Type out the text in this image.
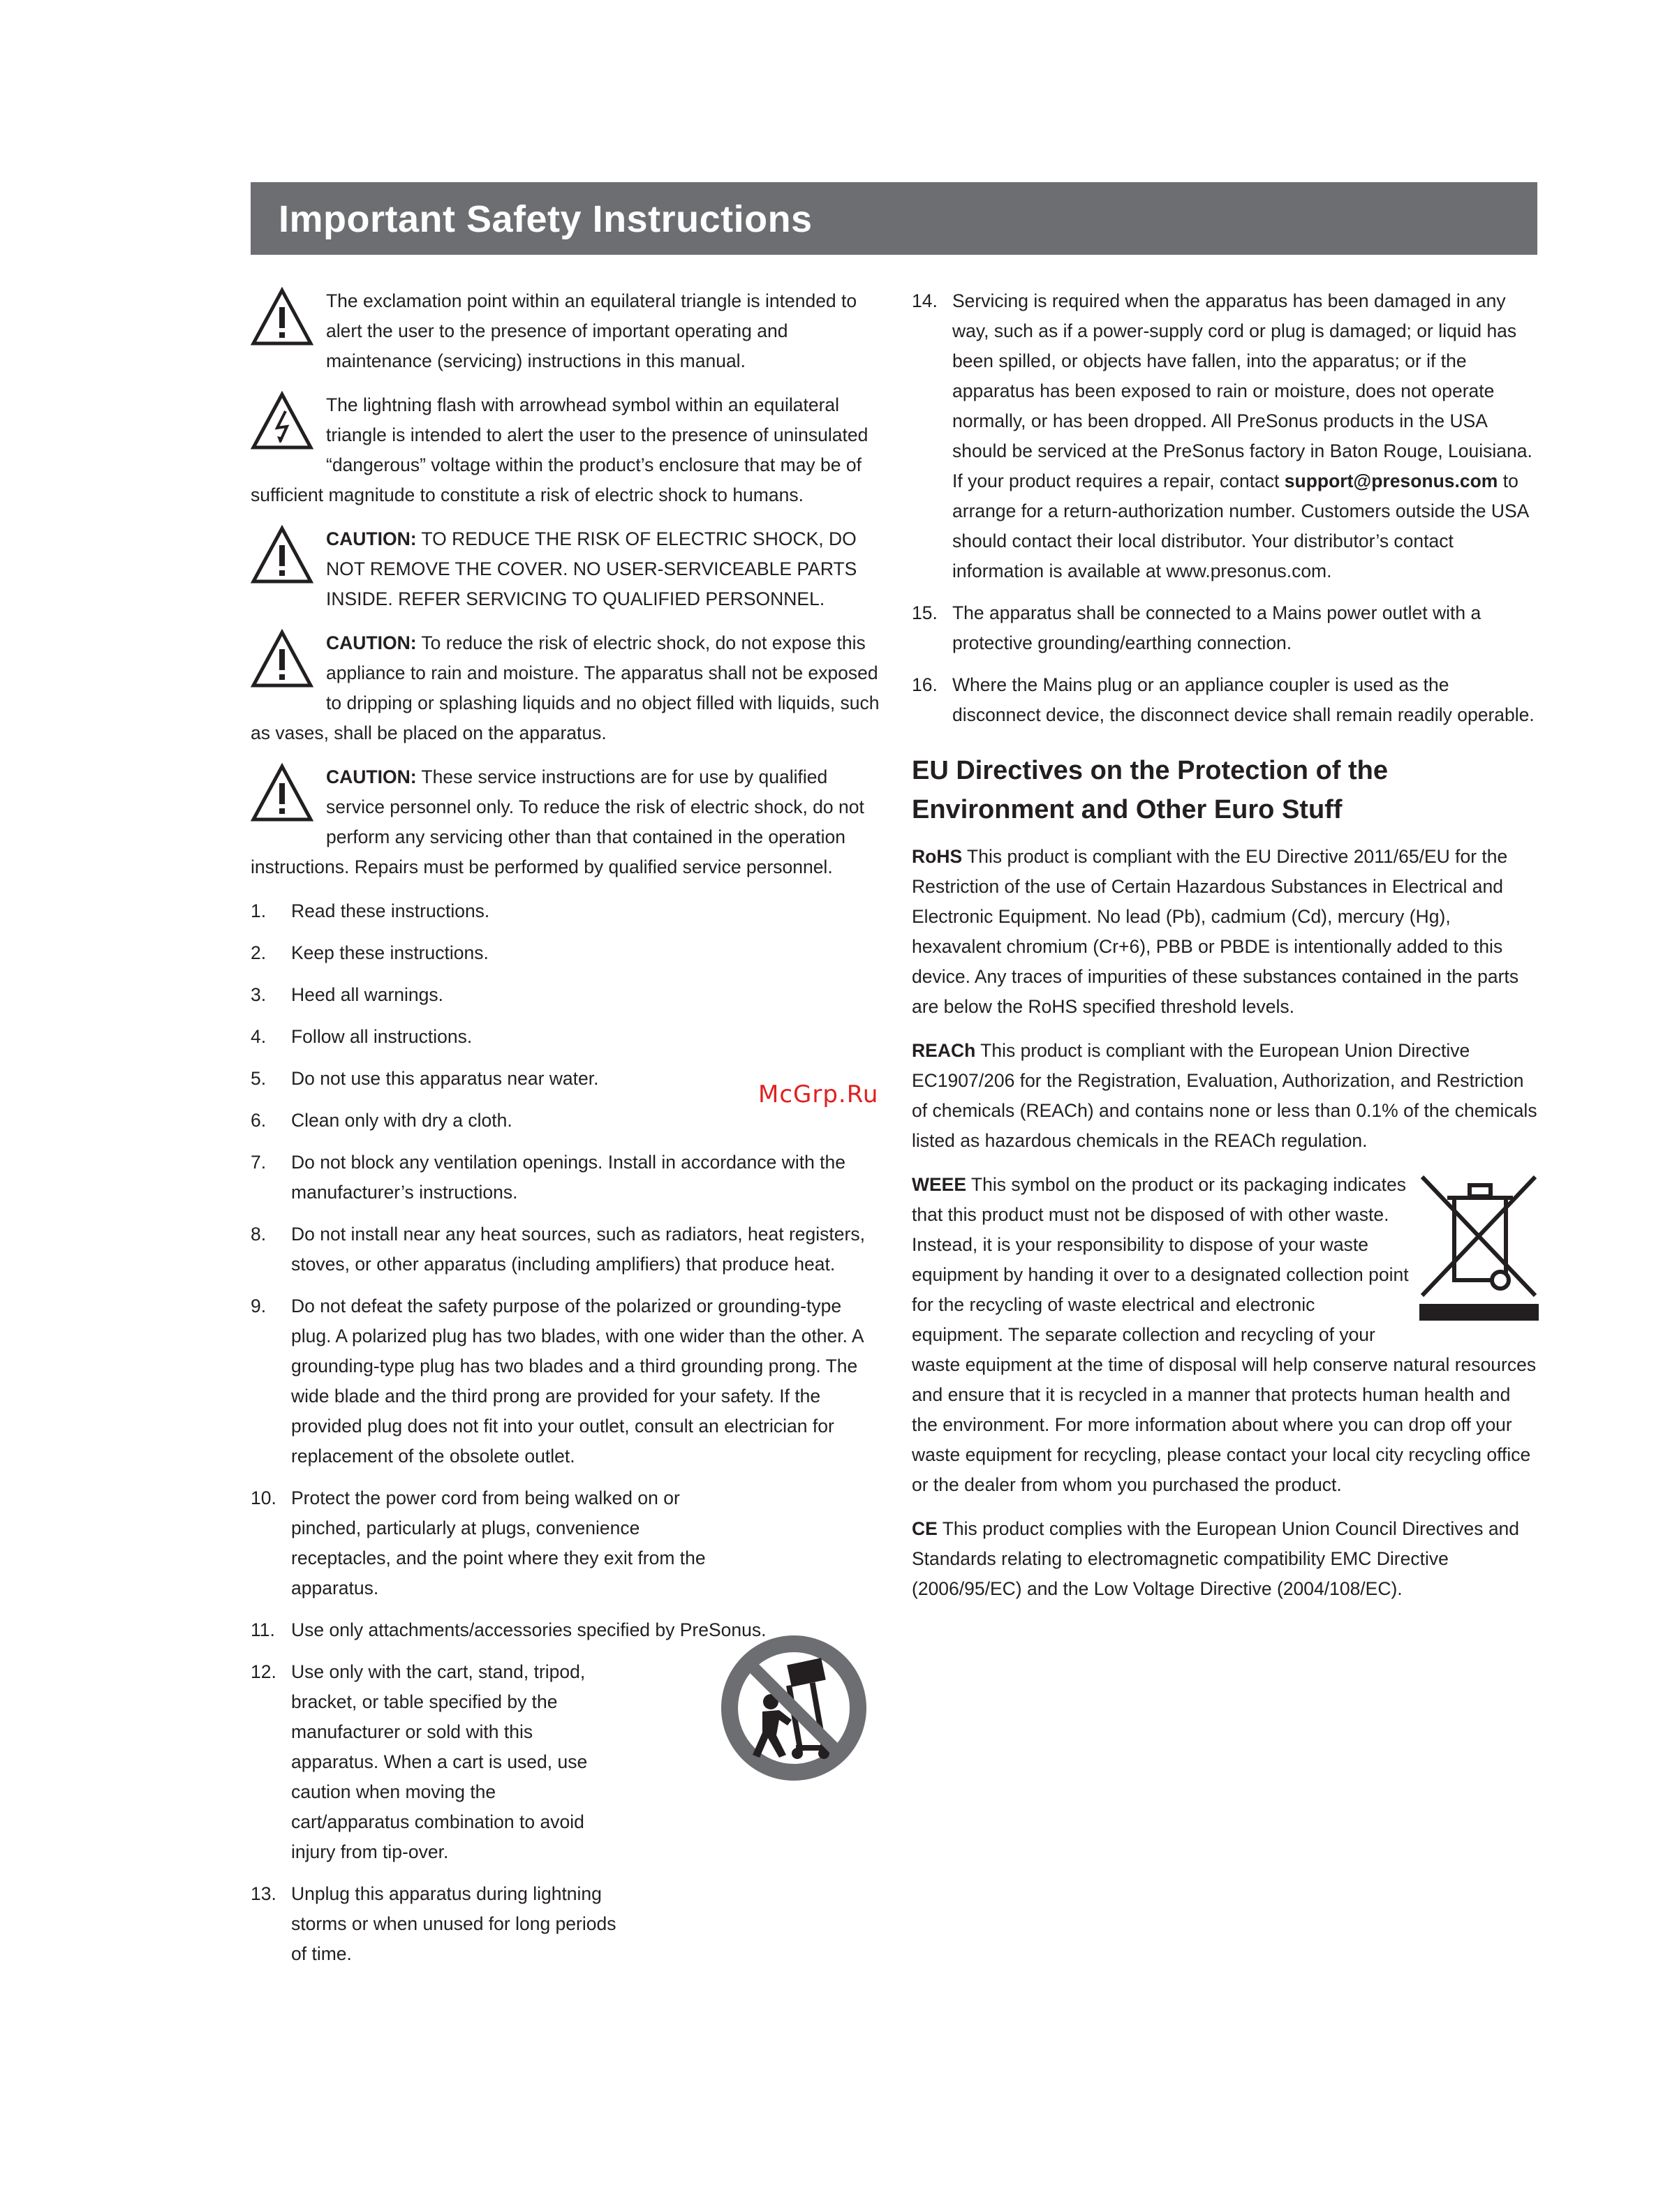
Important Safety Instructions

The exclamation point within an equilateral triangle is intended to alert the user to the presence of important operating and maintenance (servicing) instructions in this manual.

The lightning flash with arrowhead symbol within an equilateral triangle is intended to alert the user to the presence of uninsulated “dangerous” voltage within the product’s enclosure that may be of sufficient magnitude to constitute a risk of electric shock to humans.

CAUTION: TO REDUCE THE RISK OF ELECTRIC SHOCK, DO NOT REMOVE THE COVER. NO USER-SERVICEABLE PARTS INSIDE. REFER SERVICING TO QUALIFIED PERSONNEL.

CAUTION: To reduce the risk of electric shock, do not expose this appliance to rain and moisture. The apparatus shall not be exposed to dripping or splashing liquids and no object filled with liquids, such as vases, shall be placed on the apparatus.

CAUTION: These service instructions are for use by qualified service personnel only. To reduce the risk of electric shock, do not perform any servicing other than that contained in the operation instructions. Repairs must be performed by qualified service personnel.

1. Read these instructions.
2. Keep these instructions.
3. Heed all warnings.
4. Follow all instructions.
5. Do not use this apparatus near water.
6. Clean only with dry a cloth.
7. Do not block any ventilation openings. Install in accordance with the manufacturer’s instructions.
8. Do not install near any heat sources, such as radiators, heat registers, stoves, or other apparatus (including amplifiers) that produce heat.
9. Do not defeat the safety purpose of the polarized or grounding-type plug. A polarized plug has two blades, with one wider than the other. A grounding-type plug has two blades and a third grounding prong. The wide blade and the third prong are provided for your safety. If the provided plug does not fit into your outlet, consult an electrician for replacement of the obsolete outlet.
10. Protect the power cord from being walked on or pinched, particularly at plugs, convenience receptacles, and the point where they exit from the apparatus.
11. Use only attachments/accessories specified by PreSonus.
12. Use only with the cart, stand, tripod, bracket, or table specified by the manufacturer or sold with this apparatus. When a cart is used, use caution when moving the cart/apparatus combination to avoid injury from tip-over.
13. Unplug this apparatus during lightning storms or when unused for long periods of time.
McGrp.Ru
14. Servicing is required when the apparatus has been damaged in any way, such as if a power-supply cord or plug is damaged; or liquid has been spilled, or objects have fallen, into the apparatus; or if the apparatus has been exposed to rain or moisture, does not operate normally, or has been dropped. All PreSonus products in the USA should be serviced at the PreSonus factory in Baton Rouge, Louisiana. If your product requires a repair, contact support@presonus.com to arrange for a return-authorization number. Customers outside the USA should contact their local distributor. Your distributor’s contact information is available at www.presonus.com.
15. The apparatus shall be connected to a Mains power outlet with a protective grounding/earthing connection.
16. Where the Mains plug or an appliance coupler is used as the disconnect device, the disconnect device shall remain readily operable.
EU Directives on the Protection of the
Environment and Other Euro Stuff

RoHS This product is compliant with the EU Directive 2011/65/EU for the Restriction of the use of Certain Hazardous Substances in Electrical and Electronic Equipment. No lead (Pb), cadmium (Cd), mercury (Hg), hexavalent chromium (Cr+6), PBB or PBDE is intentionally added to this device. Any traces of impurities of these substances contained in the parts are below the RoHS specified threshold levels.

REACh This product is compliant with the European Union Directive EC1907/206 for the Registration, Evaluation, Authorization, and Restriction of chemicals (REACh) and contains none or less than 0.1% of the chemicals listed as hazardous chemicals in the REACh regulation.

WEEE This symbol on the product or its packaging indicates that this product must not be disposed of with other waste. Instead, it is your responsibility to dispose of your waste equipment by handing it over to a designated collection point for the recycling of waste electrical and electronic equipment. The separate collection and recycling of your waste equipment at the time of disposal will help conserve natural resources and ensure that it is recycled in a manner that protects human health and the environment. For more information about where you can drop off your waste equipment for recycling, please contact your local city recycling office or the dealer from whom you purchased the product.

CE This product complies with the European Union Council Directives and Standards relating to electromagnetic compatibility EMC Directive (2006/95/EC) and the Low Voltage Directive (2004/108/EC).
